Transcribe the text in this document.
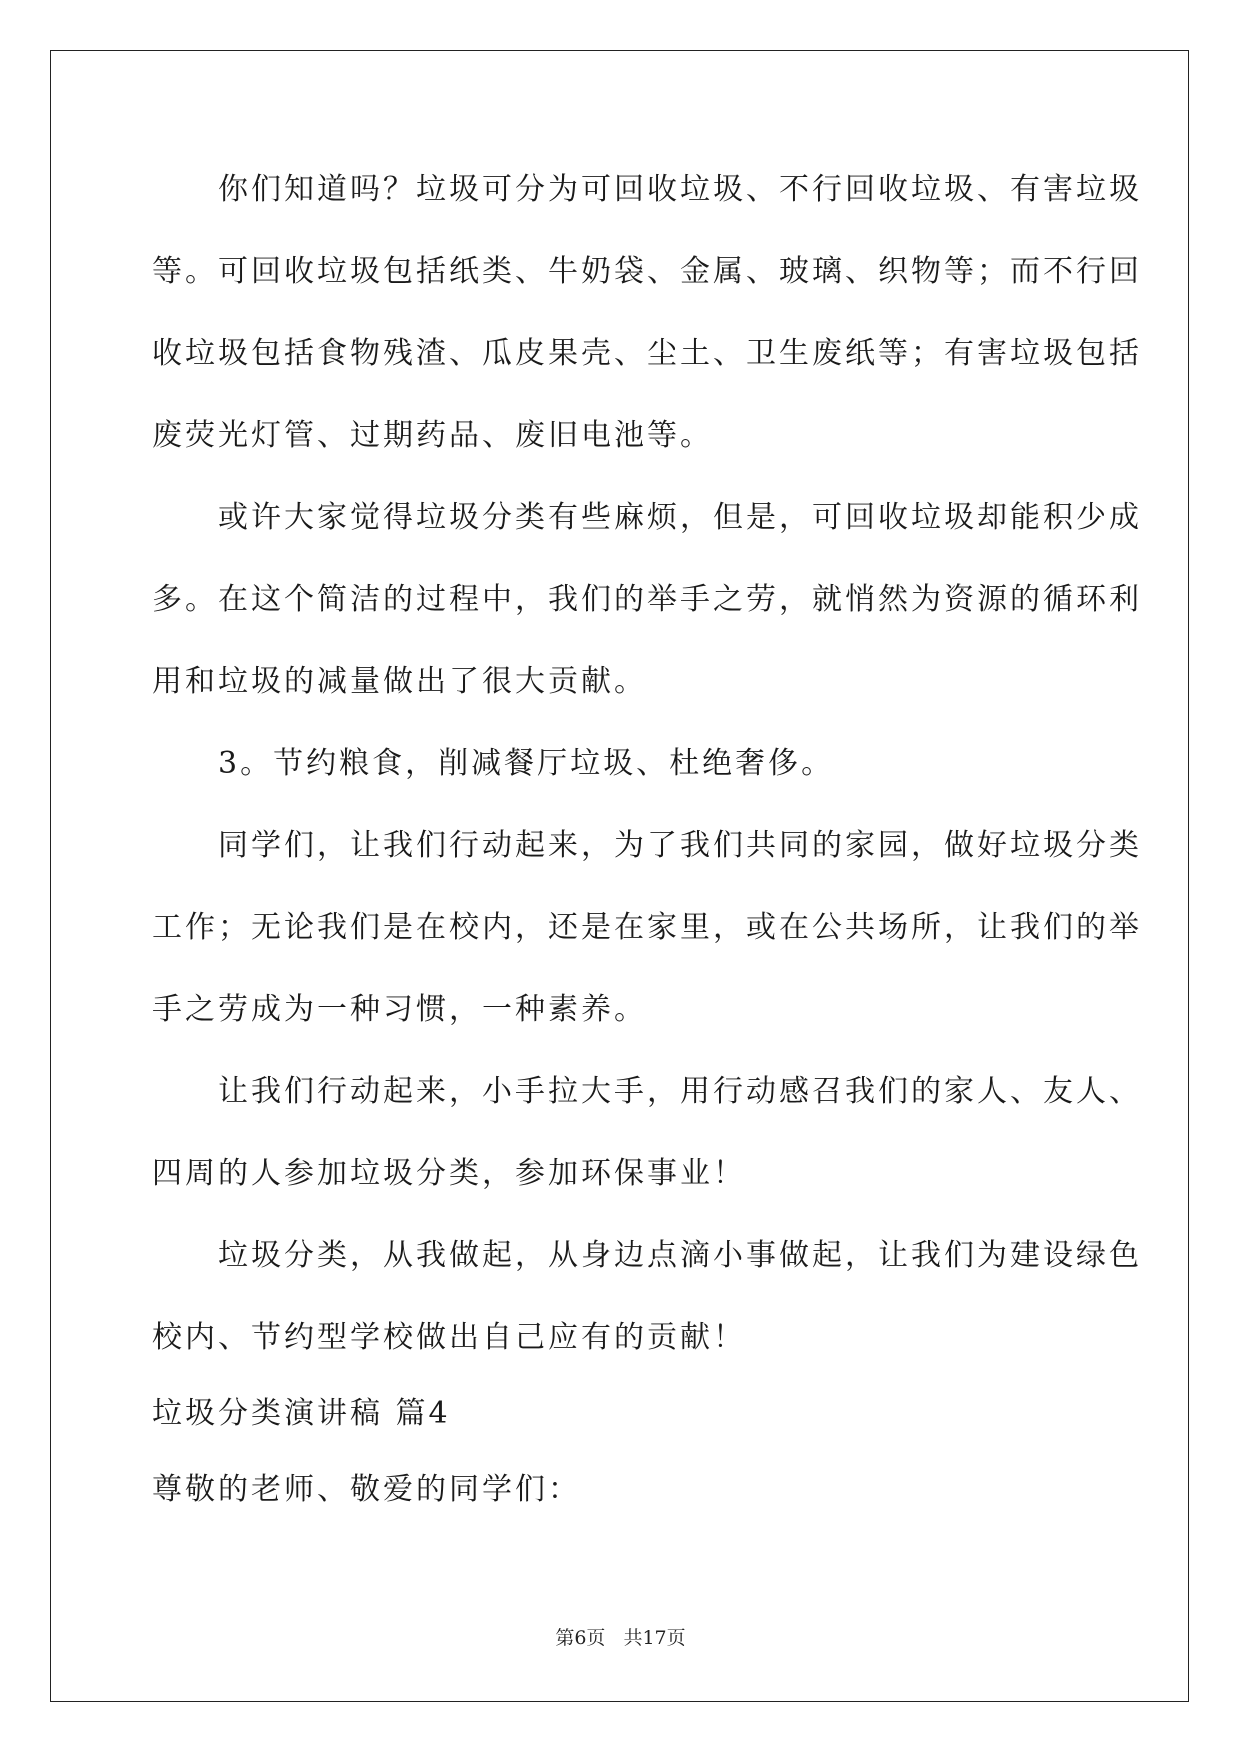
　　你们知道吗？垃圾可分为可回收垃圾、不行回收垃圾、有害垃圾
等。可回收垃圾包括纸类、牛奶袋、金属、玻璃、织物等；而不行回
收垃圾包括食物残渣、瓜皮果壳、尘土、卫生废纸等；有害垃圾包括
废荧光灯管、过期药品、废旧电池等。
　　或许大家觉得垃圾分类有些麻烦，但是，可回收垃圾却能积少成
多。在这个简洁的过程中，我们的举手之劳，就悄然为资源的循环利
用和垃圾的减量做出了很大贡献。
　　3。节约粮食，削减餐厅垃圾、杜绝奢侈。
　　同学们，让我们行动起来，为了我们共同的家园，做好垃圾分类
工作；无论我们是在校内，还是在家里，或在公共场所，让我们的举
手之劳成为一种习惯，一种素养。
　　让我们行动起来，小手拉大手，用行动感召我们的家人、友人、
四周的人参加垃圾分类，参加环保事业！
　　垃圾分类，从我做起，从身边点滴小事做起，让我们为建设绿色
校内、节约型学校做出自己应有的贡献！
垃圾分类演讲稿 篇4
尊敬的老师、敬爱的同学们：
第6页 共17页
